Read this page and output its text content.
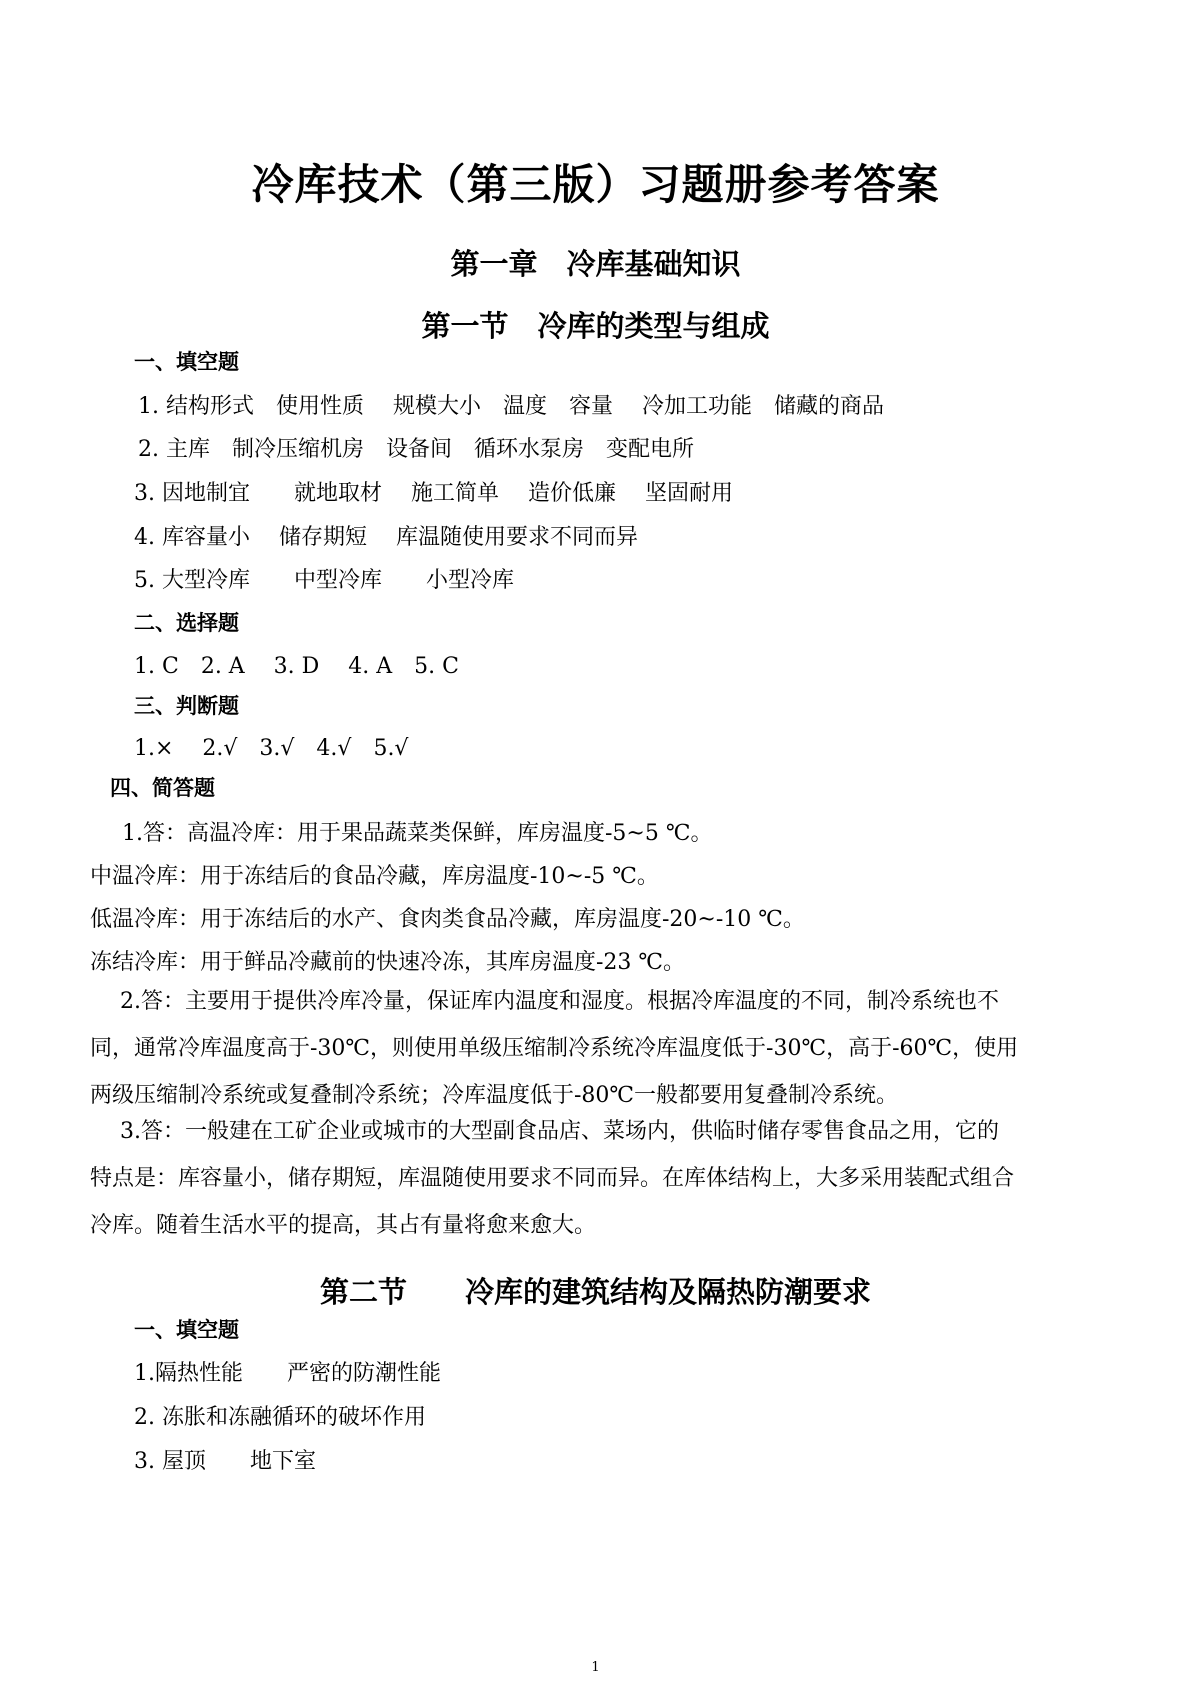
冷库技术（第三版）习题册参考答案
第一章　冷库基础知识
第一节　冷库的类型与组成
一、填空题
1. 结构形式　使用性质　 规模大小　温度　容量　 冷加工功能　储藏的商品
2. 主库　制冷压缩机房　设备间　循环水泵房　变配电所
3. 因地制宜　　就地取材　 施工简单　 造价低廉　 坚固耐用
4. 库容量小　 储存期短　 库温随使用要求不同而异
5. 大型冷库　　中型冷库　　小型冷库
二、选择题
1. C　2. A　 3. D　 4. A　5. C
三、判断题
1.×　 2.√　3.√　4.√　5.√
四、简答题
1.答：高温冷库：用于果品蔬菜类保鲜，库房温度-5~5 ℃。
中温冷库：用于冻结后的食品冷藏，库房温度-10~-5 ℃。
低温冷库：用于冻结后的水产、食肉类食品冷藏，库房温度-20~-10 ℃。
冻结冷库：用于鲜品冷藏前的快速冷冻，其库房温度-23 ℃。
2.答：主要用于提供冷库冷量，保证库内温度和湿度。根据冷库温度的不同，制冷系统也不同，通常冷库温度高于-30℃，则使用单级压缩制冷系统冷库温度低于-30℃，高于-60℃，使用两级压缩制冷系统或复叠制冷系统；冷库温度低于-80℃一般都要用复叠制冷系统。
3.答：一般建在工矿企业或城市的大型副食品店、菜场内，供临时储存零售食品之用，它的特点是：库容量小，储存期短，库温随使用要求不同而异。在库体结构上，大多采用装配式组合冷库。随着生活水平的提高，其占有量将愈来愈大。
第二节　　冷库的建筑结构及隔热防潮要求
一、填空题
1.隔热性能　　严密的防潮性能
2. 冻胀和冻融循环的破坏作用
3. 屋顶　　地下室
1
